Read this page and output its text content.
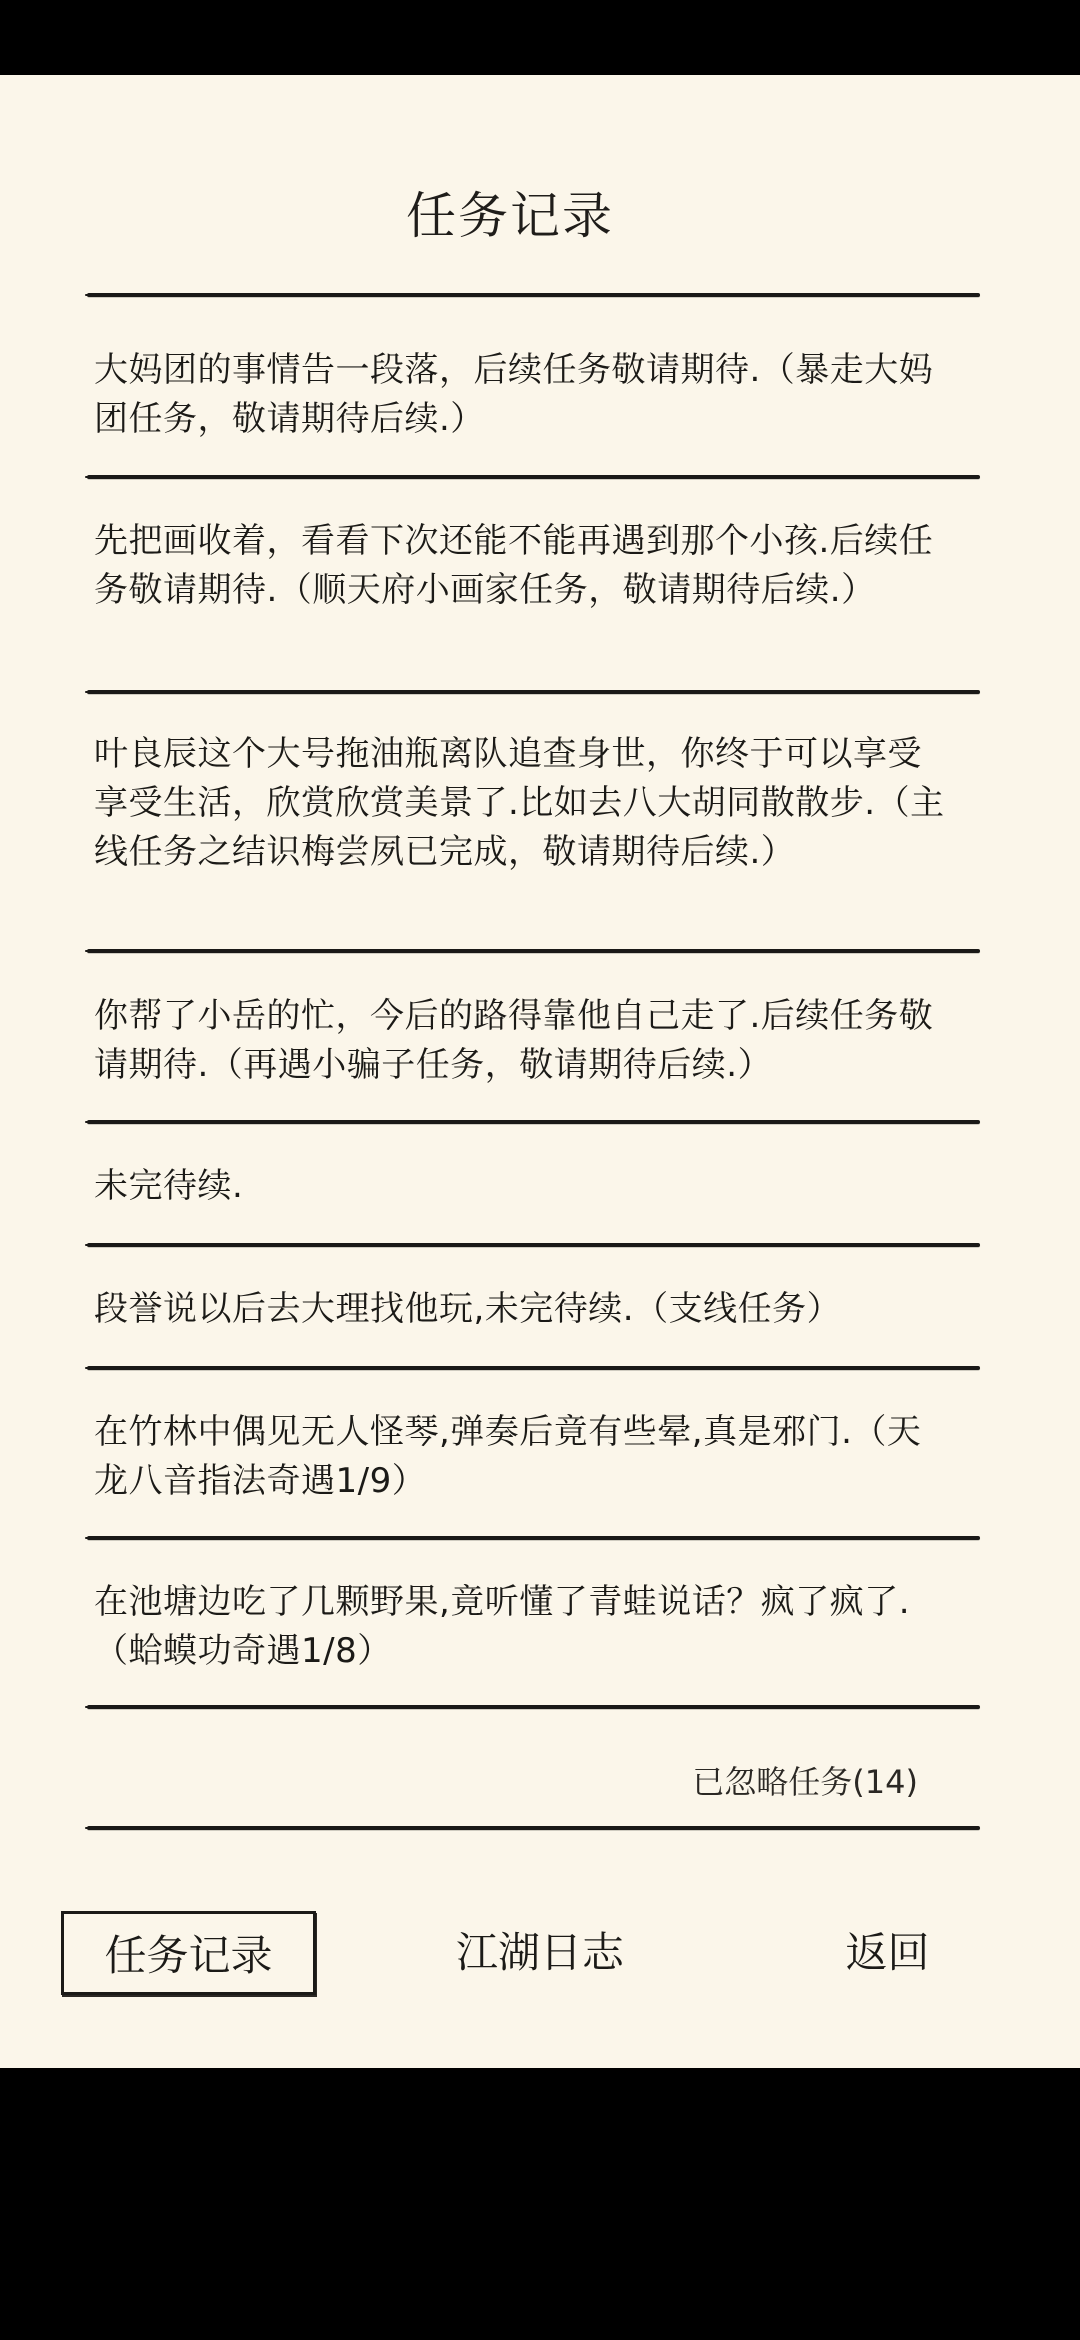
任务记录
大妈团的事情告一段落，后续任务敬请期待.（暴走大妈团任务，敬请期待后续.）
先把画收着，看看下次还能不能再遇到那个小孩.后续任务敬请期待.（顺天府小画家任务，敬请期待后续.）
叶良辰这个大号拖油瓶离队追查身世，你终于可以享受享受生活，欣赏欣赏美景了.比如去八大胡同散散步.（主线任务之结识梅尝夙已完成，敬请期待后续.）
你帮了小岳的忙，今后的路得靠他自己走了.后续任务敬请期待.（再遇小骗子任务，敬请期待后续.）
未完待续.
段誉说以后去大理找他玩,未完待续.（支线任务）
在竹林中偶见无人怪琴,弹奏后竟有些晕,真是邪门.（天龙八音指法奇遇1/9）
在池塘边吃了几颗野果,竟听懂了青蛙说话？疯了疯了.（蛤蟆功奇遇1/8）
已忽略任务(14)
任务记录	江湖日志	返回
